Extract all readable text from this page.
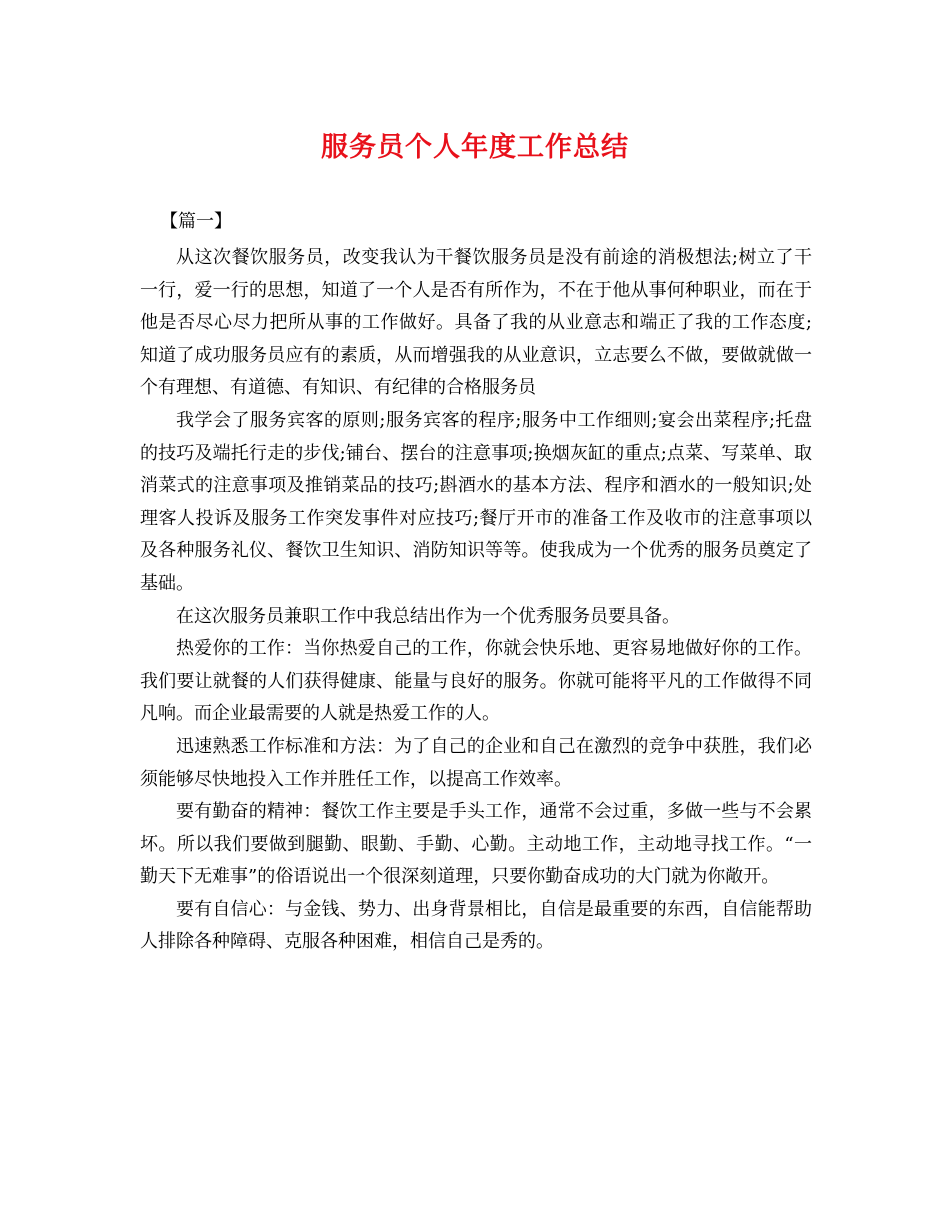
服务员个人年度工作总结
【篇一】

从这次餐饮服务员，改变我认为干餐饮服务员是没有前途的消极想法;树立了干一行，爱一行的思想，知道了一个人是否有所作为，不在于他从事何种职业，而在于他是否尽心尽力把所从事的工作做好。具备了我的从业意志和端正了我的工作态度;知道了成功服务员应有的素质，从而增强我的从业意识，立志要么不做，要做就做一个有理想、有道德、有知识、有纪律的合格服务员

我学会了服务宾客的原则;服务宾客的程序;服务中工作细则;宴会出菜程序;托盘的技巧及端托行走的步伐;铺台、摆台的注意事项;换烟灰缸的重点;点菜、写菜单、取消菜式的注意事项及推销菜品的技巧;斟酒水的基本方法、程序和酒水的一般知识;处理客人投诉及服务工作突发事件对应技巧;餐厅开市的准备工作及收市的注意事项以及各种服务礼仪、餐饮卫生知识、消防知识等等。使我成为一个优秀的服务员奠定了基础。

在这次服务员兼职工作中我总结出作为一个优秀服务员要具备。

热爱你的工作：当你热爱自己的工作，你就会快乐地、更容易地做好你的工作。我们要让就餐的人们获得健康、能量与良好的服务。你就可能将平凡的工作做得不同凡响。而企业最需要的人就是热爱工作的人。

迅速熟悉工作标准和方法：为了自己的企业和自己在激烈的竞争中获胜，我们必须能够尽快地投入工作并胜任工作，以提高工作效率。

要有勤奋的精神：餐饮工作主要是手头工作，通常不会过重，多做一些与不会累坏。所以我们要做到腿勤、眼勤、手勤、心勤。主动地工作，主动地寻找工作。“一勤天下无难事”的俗语说出一个很深刻道理，只要你勤奋成功的大门就为你敞开。

要有自信心：与金钱、势力、出身背景相比，自信是最重要的东西，自信能帮助人排除各种障碍、克服各种困难，相信自己是秀的。
